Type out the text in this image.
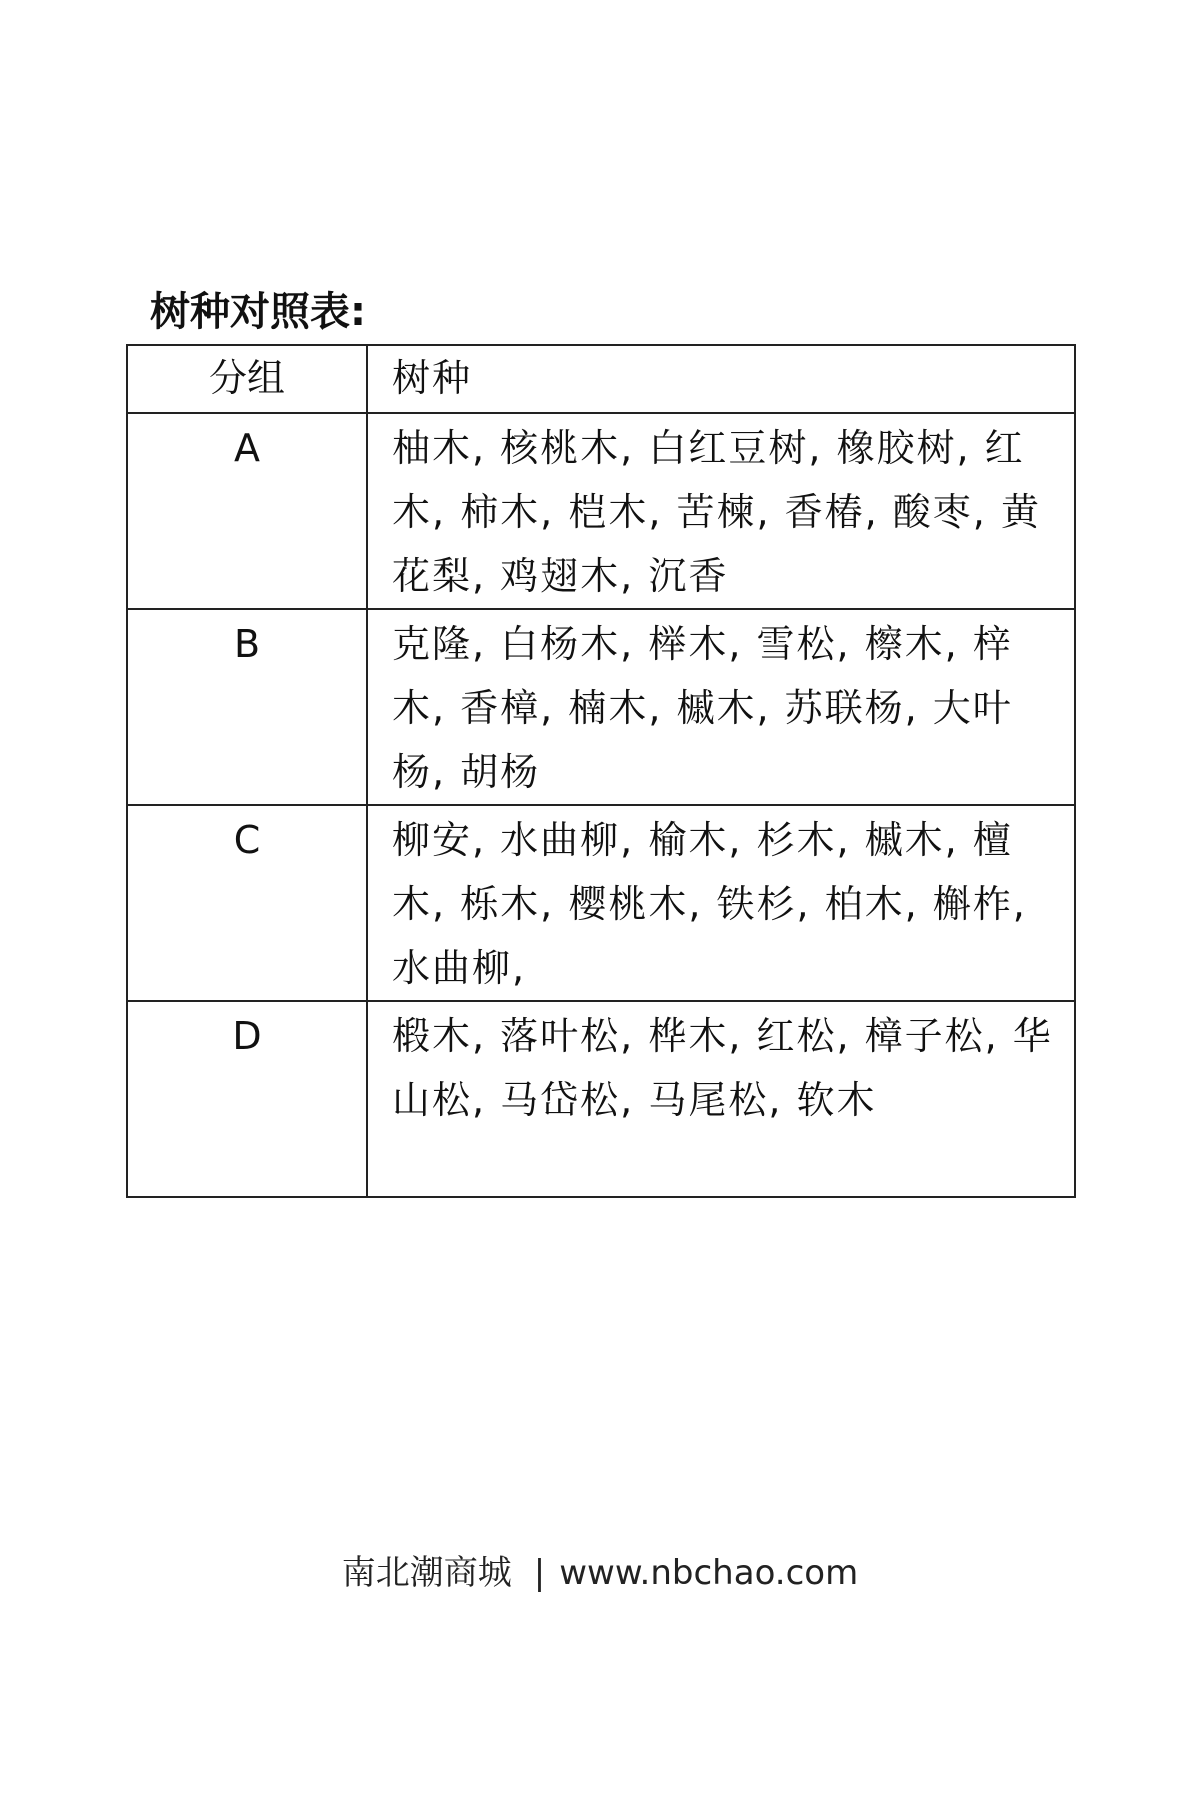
树种对照表:
分组	树种
A	柚木, 核桃木, 白红豆树, 橡胶树, 红木, 柿木, 桤木, 苦楝, 香椿, 酸枣, 黄花梨, 鸡翅木, 沉香
B	克隆, 白杨木, 榉木, 雪松, 檫木, 梓木, 香樟, 楠木, 槭木, 苏联杨, 大叶杨, 胡杨
C	柳安, 水曲柳, 榆木, 杉木, 槭木, 檀木, 栎木, 樱桃木, 铁杉, 柏木, 槲柞, 水曲柳,
D	椴木, 落叶松, 桦木, 红松, 樟子松, 华山松, 马岱松, 马尾松, 软木
南北潮商城 | www.nbchao.com
